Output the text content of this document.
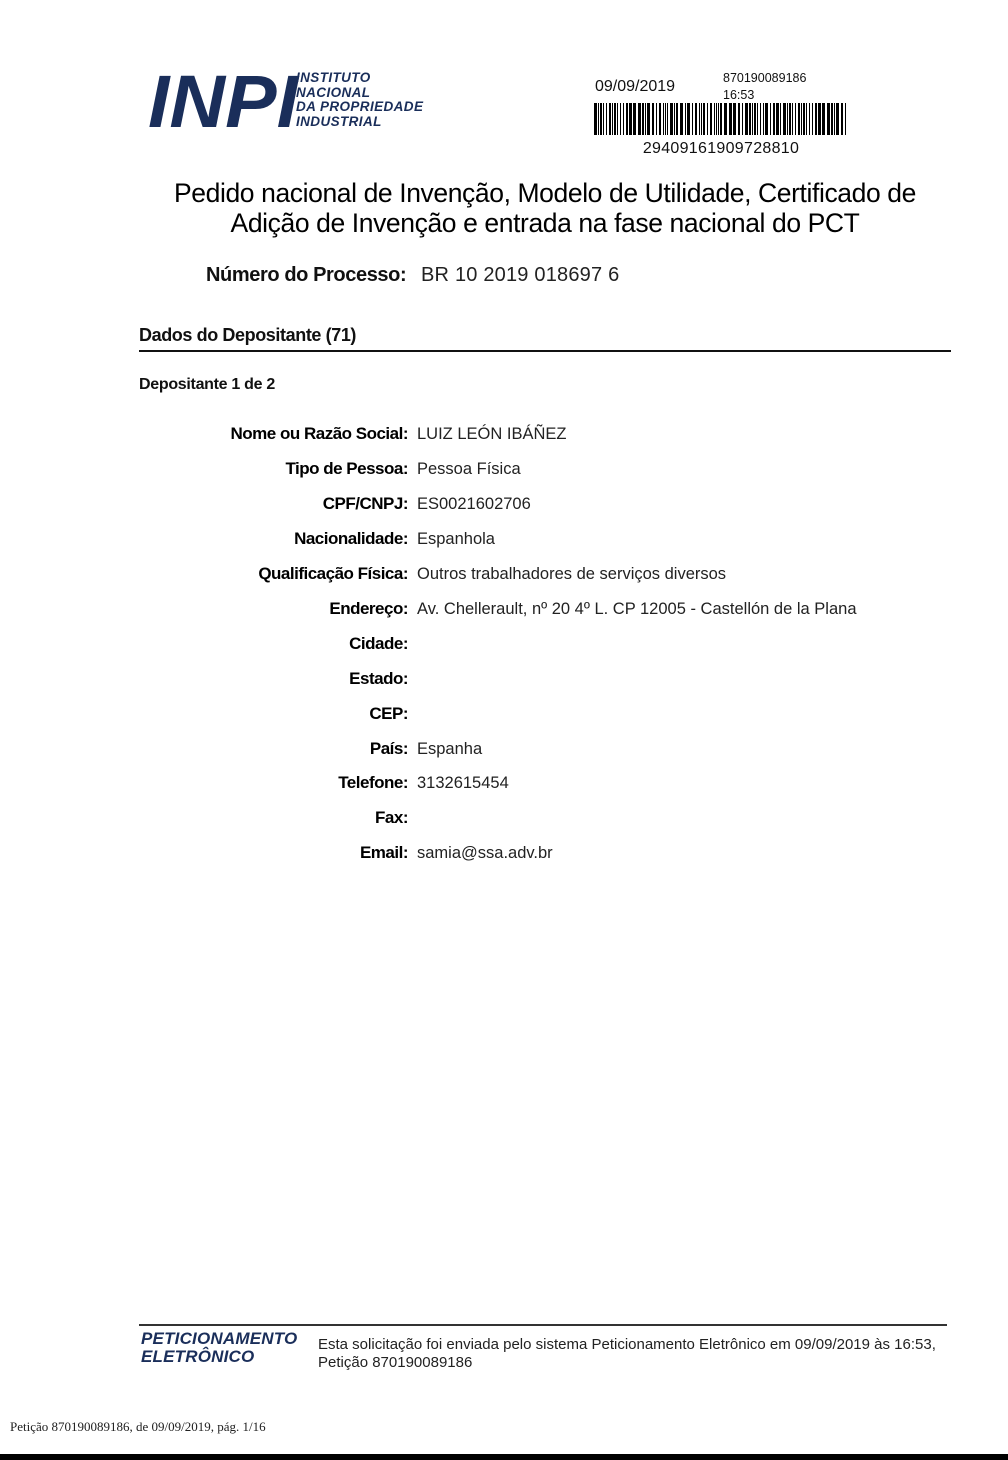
INPI
INSTITUTO
NACIONAL
DA PROPRIEDADE
INDUSTRIAL
09/09/2019	870190089186
16:53
29409161909728810
Pedido nacional de Invenção, Modelo de Utilidade, Certificado de
Adição de Invenção e entrada na fase nacional do PCT
Número do Processo: BR 10 2019 018697 6
Dados do Depositante (71)
Depositante 1 de 2
Nome ou Razão Social: LUIZ LEÓN IBÁÑEZ
Tipo de Pessoa: Pessoa Física
CPF/CNPJ: ES0021602706
Nacionalidade: Espanhola
Qualificação Física: Outros trabalhadores de serviços diversos
Endereço: Av. Chellerault, nº 20 4º L. CP 12005 - Castellón de la Plana
Cidade:
Estado:
CEP:
País: Espanha
Telefone: 3132615454
Fax:
Email: samia@ssa.adv.br
PETICIONAMENTO
ELETRÔNICO
Esta solicitação foi enviada pelo sistema Peticionamento Eletrônico em 09/09/2019 às 16:53, Petição 870190089186
Petição 870190089186, de 09/09/2019, pág. 1/16
